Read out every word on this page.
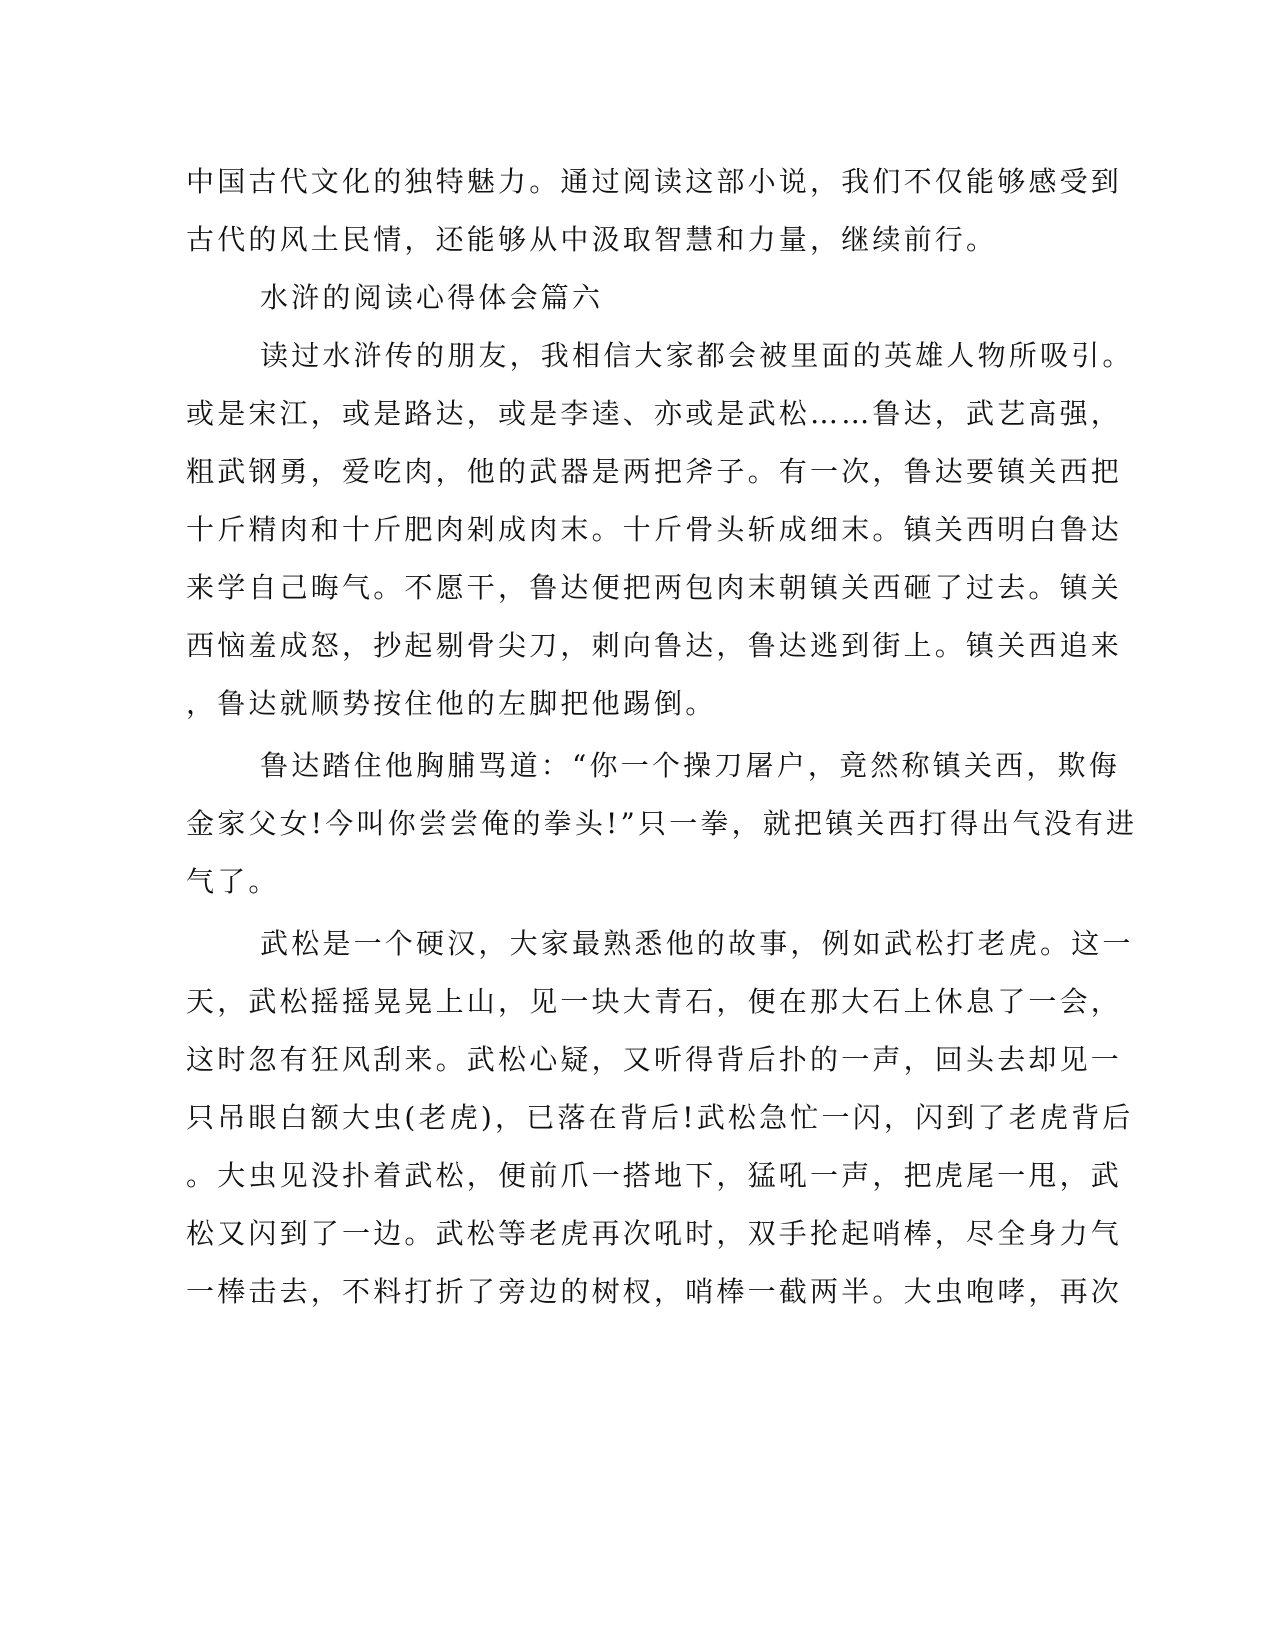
中国古代文化的独特魅力。通过阅读这部小说，我们不仅能够感受到
古代的风土民情，还能够从中汲取智慧和力量，继续前行。
水浒的阅读心得体会篇六
读过水浒传的朋友，我相信大家都会被里面的英雄人物所吸引。
或是宋江，或是路达，或是李逵、亦或是武松……鲁达，武艺高强，
粗武钢勇，爱吃肉，他的武器是两把斧子。有一次，鲁达要镇关西把
十斤精肉和十斤肥肉剁成肉末。十斤骨头斩成细末。镇关西明白鲁达
来学自己晦气。不愿干，鲁达便把两包肉末朝镇关西砸了过去。镇关
西恼羞成怒，抄起剔骨尖刀，刺向鲁达，鲁达逃到街上。镇关西追来
，鲁达就顺势按住他的左脚把他踢倒。
鲁达踏住他胸脯骂道：“你一个操刀屠户，竟然称镇关西，欺侮
金家父女!今叫你尝尝俺的拳头!”只一拳，就把镇关西打得出气没有进
气了。
武松是一个硬汉，大家最熟悉他的故事，例如武松打老虎。这一
天，武松摇摇晃晃上山，见一块大青石，便在那大石上休息了一会，
这时忽有狂风刮来。武松心疑，又听得背后扑的一声，回头去却见一
只吊眼白额大虫(老虎)，已落在背后!武松急忙一闪，闪到了老虎背后
。大虫见没扑着武松，便前爪一搭地下，猛吼一声，把虎尾一甩，武
松又闪到了一边。武松等老虎再次吼时，双手抡起哨棒，尽全身力气
一棒击去，不料打折了旁边的树杈，哨棒一截两半。大虫咆哮，再次
